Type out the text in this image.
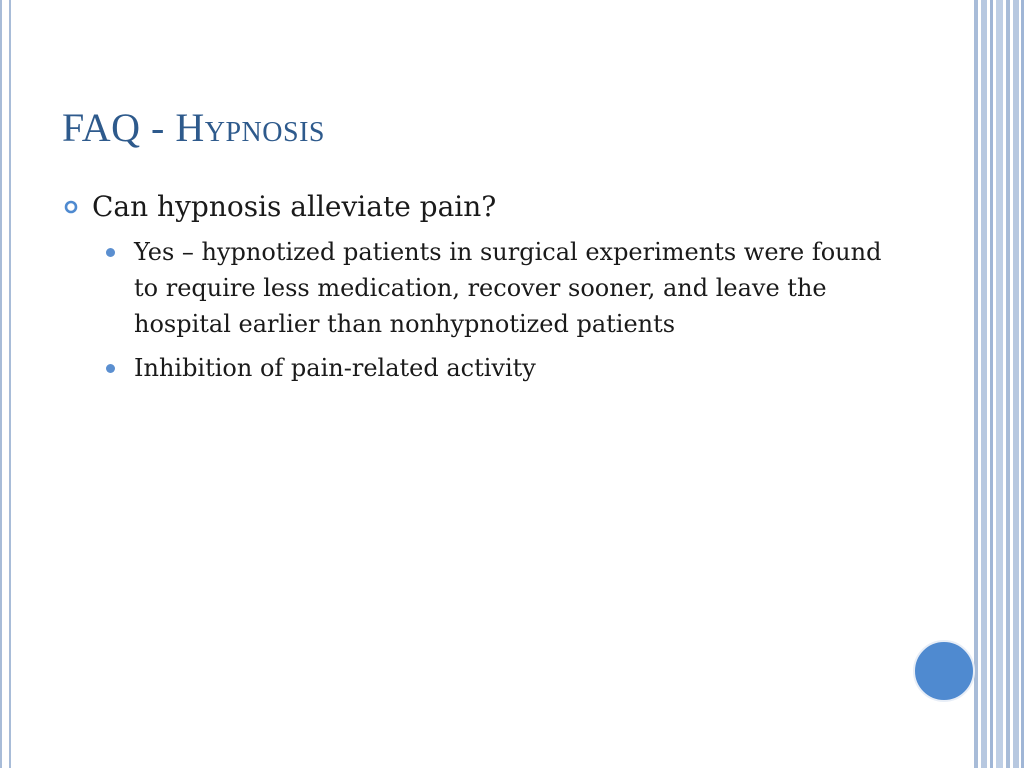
FAQ - Hypnosis
Can hypnosis alleviate pain?
Yes – hypnotized patients in surgical experiments were found to require less medication, recover sooner, and leave the hospital earlier than nonhypnotized patients
Inhibition of pain-related activity
